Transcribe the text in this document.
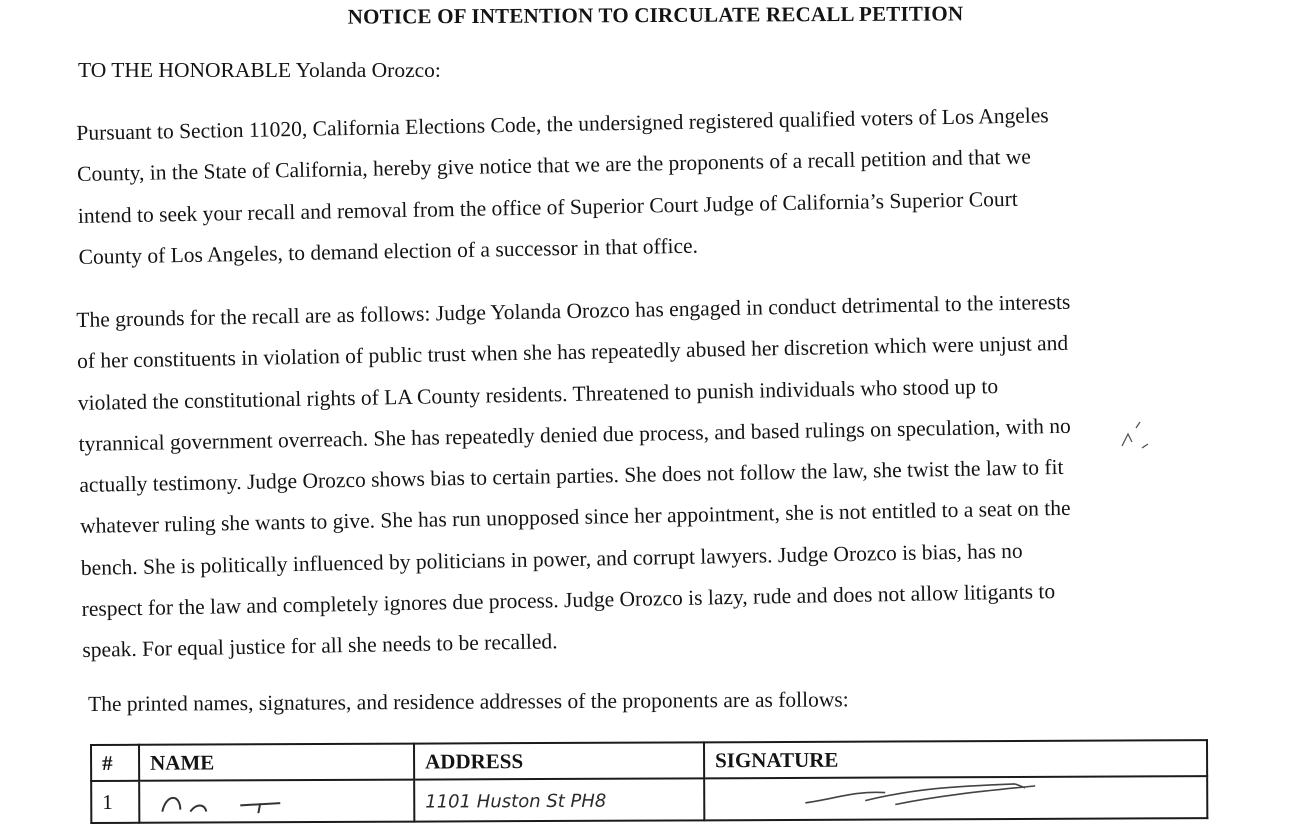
NOTICE OF INTENTION TO CIRCULATE RECALL PETITION
TO THE HONORABLE Yolanda Orozco:
Pursuant to Section 11020, California Elections Code, the undersigned registered qualified voters of Los Angeles
County, in the State of California, hereby give notice that we are the proponents of a recall petition and that we
intend to seek your recall and removal from the office of Superior Court Judge of California’s Superior Court
County of Los Angeles, to demand election of a successor in that office.
The grounds for the recall are as follows: Judge Yolanda Orozco has engaged in conduct detrimental to the interests
of her constituents in violation of public trust when she has repeatedly abused her discretion which were unjust and
violated the constitutional rights of LA County residents. Threatened to punish individuals who stood up to
tyrannical government overreach. She has repeatedly denied due process, and based rulings on speculation, with no
actually testimony. Judge Orozco shows bias to certain parties. She does not follow the law, she twist the law to fit
whatever ruling she wants to give. She has run unopposed since her appointment, she is not entitled to a seat on the
bench. She is politically influenced by politicians in power, and corrupt lawyers. Judge Orozco is bias, has no
respect for the law and completely ignores due process. Judge Orozco is lazy, rude and does not allow litigants to
speak. For equal justice for all she needs to be recalled.
The printed names, signatures, and residence addresses of the proponents are as follows:
#	NAME	ADDRESS	SIGNATURE
1		1101 Huston St PH8	
